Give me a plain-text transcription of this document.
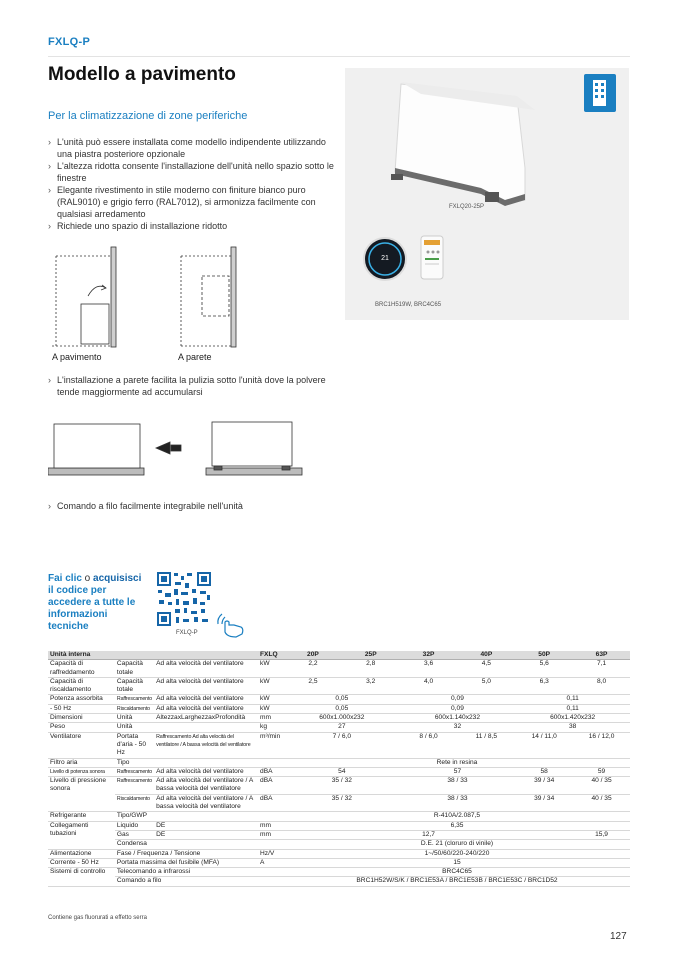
FXLQ-P
Modello a pavimento
Per la climatizzazione di zone periferiche
› L'unità può essere installata come modello indipendente utilizzando una piastra posteriore opzionale
› L'altezza ridotta consente l'installazione dell'unità nello spazio sotto le finestre
› Elegante rivestimento in stile moderno con finiture bianco puro (RAL9010) e grigio ferro (RAL7012), si armonizza facilmente con qualsiasi arredamento
› Richiede uno spazio di installazione ridotto
A pavimento	A parete
› L'installazione a parete facilita la pulizia sotto l'unità dove la polvere tende maggiormente ad accumularsi
› Comando a filo facilmente integrabile nell'unità
21
FXLQ20-25P
BRC1H519W, BRC4C65
Fai clic o acquisisci il codice per accedere a tutte le informazioni tecniche
FXLQ-P
Unità interna			FXLQ	20P	25P	32P	40P	50P	63P
Capacità di raffreddamento	Capacità totale	Ad alta velocità del ventilatore	kW	2,2	2,8	3,6	4,5	5,6	7,1
Capacità di riscaldamento	Capacità totale	Ad alta velocità del ventilatore	kW	2,5	3,2	4,0	5,0	6,3	8,0
Potenza assorbita	Raffrescamento	Ad alta velocità del ventilatore	kW	0,05		0,09		0,11	
- 50 Hz	Riscaldamento	Ad alta velocità del ventilatore	kW	0,05		0,09		0,11	
Dimensioni	Unità	AltezzaxLarghezzaxProfondità	mm	600x1.000x232		600x1.140x232		600x1.420x232	
Peso	Unità		kg	27		32		38	
Ventilatore	Portata d'aria - 50 Hz	Raffrescamento Ad alta velocità del ventilatore / A bassa velocità del ventilatore	m³/min	7 / 6,0		8 / 6,0	11 / 8,5	14 / 11,0	16 / 12,0
Filtro aria	Tipo			Rete in resina					
Livello di potenza sonora	Raffrescamento	Ad alta velocità del ventilatore	dBA	54		57		58	59
Livello di pressione sonora	Raffrescamento	Ad alta velocità del ventilatore / A bassa velocità del ventilatore	dBA	35 / 32		38 / 33		39 / 34	40 / 35
	Riscaldamento	Ad alta velocità del ventilatore / A bassa velocità del ventilatore	dBA	35 / 32		38 / 33		39 / 34	40 / 35
Refrigerante	Tipo/GWP			R-410A/2.087,5					
Collegamenti tubazioni	Liquido	DE	mm	6,35					
	Gas	DE	mm	12,7					15,9
	Condensa			D.E. 21 (cloruro di vinile)					
Alimentazione	Fase / Frequenza / Tensione		Hz/V	1~/50/60/220-240/220					
Corrente - 50 Hz	Portata massima del fusibile (MFA)		A	15					
Sistemi di controllo	Telecomando a infrarossi			BRC4C65					
	Comando a filo			BRC1H52W/S/K / BRC1E53A / BRC1E53B / BRC1E53C / BRC1D52					
Contiene gas fluorurati a effetto serra
127
